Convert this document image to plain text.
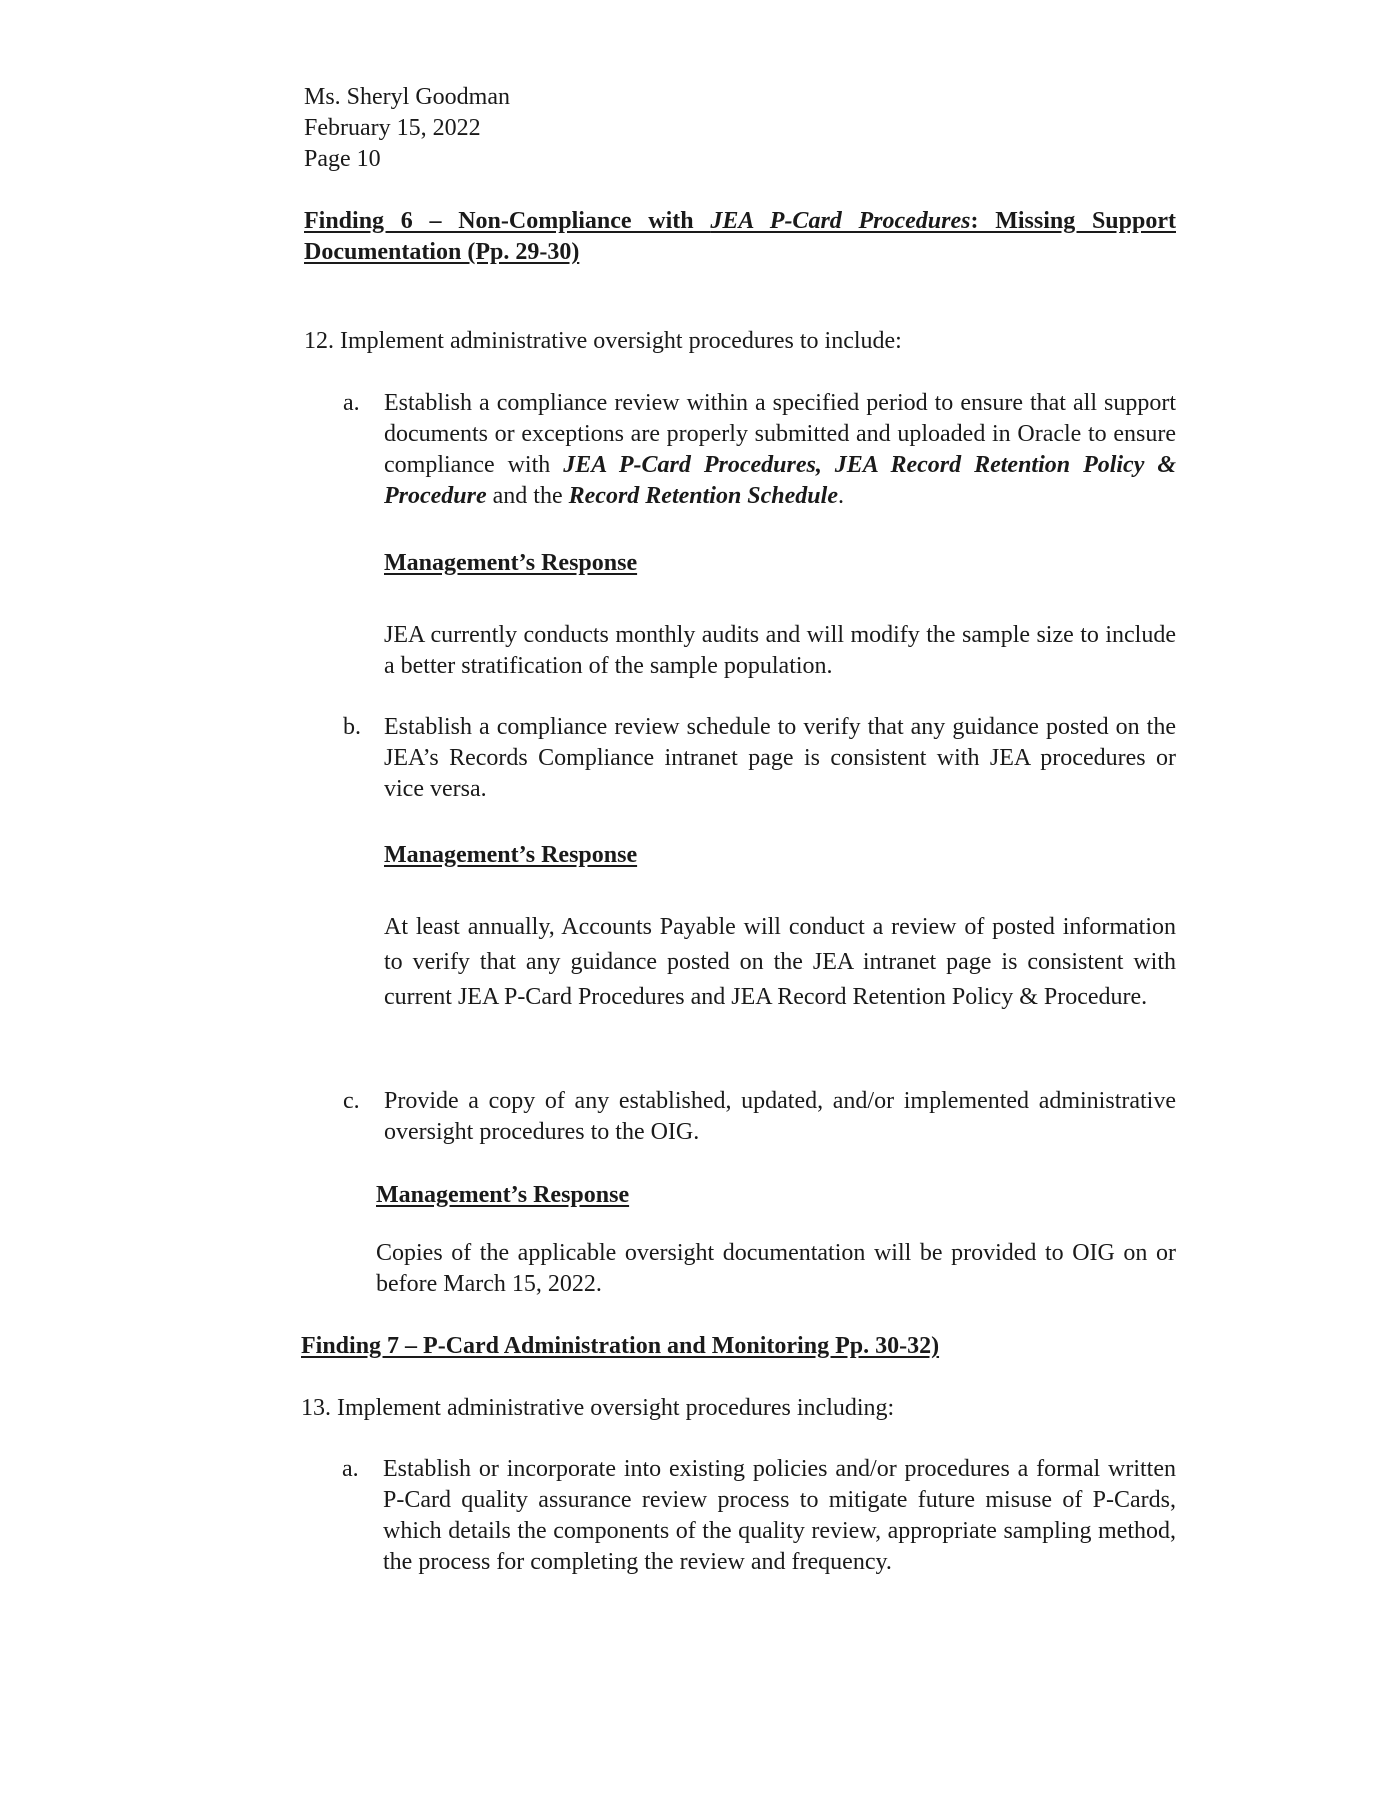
Ms. Sheryl Goodman
February 15, 2022
Page 10
Finding 6 – Non-Compliance with JEA P-Card Procedures: Missing Support Documentation (Pp. 29-30)
12. Implement administrative oversight procedures to include:
a. Establish a compliance review within a specified period to ensure that all support documents or exceptions are properly submitted and uploaded in Oracle to ensure compliance with JEA P-Card Procedures, JEA Record Retention Policy & Procedure and the Record Retention Schedule.
Management’s Response
JEA currently conducts monthly audits and will modify the sample size to include a better stratification of the sample population.
b. Establish a compliance review schedule to verify that any guidance posted on the JEA’s Records Compliance intranet page is consistent with JEA procedures or vice versa.
Management’s Response
At least annually, Accounts Payable will conduct a review of posted information to verify that any guidance posted on the JEA intranet page is consistent with current JEA P-Card Procedures and JEA Record Retention Policy & Procedure.
c. Provide a copy of any established, updated, and/or implemented administrative oversight procedures to the OIG.
Management’s Response
Copies of the applicable oversight documentation will be provided to OIG on or before March 15, 2022.
Finding 7 – P-Card Administration and Monitoring Pp. 30-32)
13. Implement administrative oversight procedures including:
a. Establish or incorporate into existing policies and/or procedures a formal written P-Card quality assurance review process to mitigate future misuse of P-Cards, which details the components of the quality review, appropriate sampling method, the process for completing the review and frequency.
